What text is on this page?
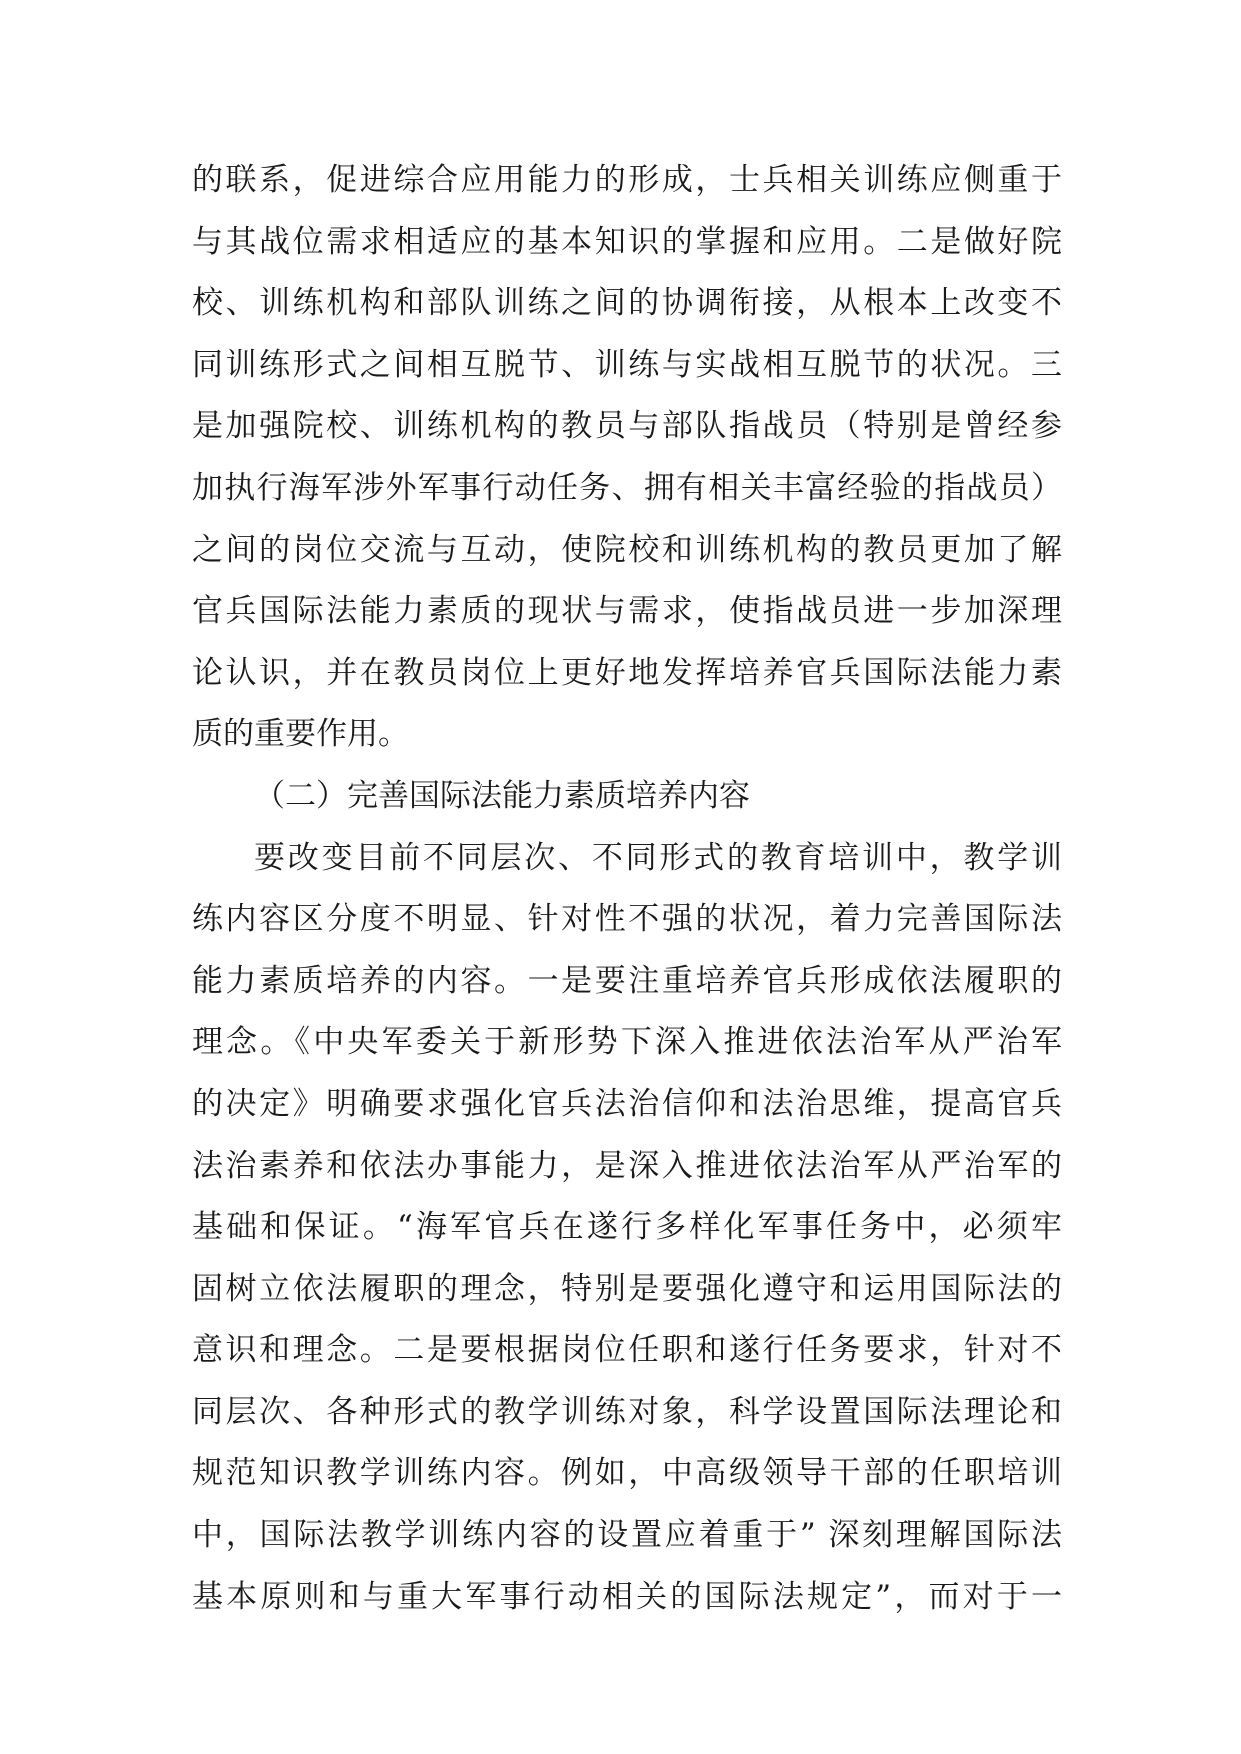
的联系，促进综合应用能力的形成，士兵相关训练应侧重于
与其战位需求相适应的基本知识的掌握和应用。二是做好院
校、训练机构和部队训练之间的协调衔接，从根本上改变不
同训练形式之间相互脱节、训练与实战相互脱节的状况。三
是加强院校、训练机构的教员与部队指战员（特别是曾经参
加执行海军涉外军事行动任务、拥有相关丰富经验的指战员）
之间的岗位交流与互动，使院校和训练机构的教员更加了解
官兵国际法能力素质的现状与需求，使指战员进一步加深理
论认识，并在教员岗位上更好地发挥培养官兵国际法能力素
质的重要作用。
（二）完善国际法能力素质培养内容
要改变目前不同层次、不同形式的教育培训中，教学训
练内容区分度不明显、针对性不强的状况，着力完善国际法
能力素质培养的内容。一是要注重培养官兵形成依法履职的
理念。《中央军委关于新形势下深入推进依法治军从严治军
的决定》明确要求强化官兵法治信仰和法治思维，提高官兵
法治素养和依法办事能力，是深入推进依法治军从严治军的
基础和保证。“海军官兵在遂行多样化军事任务中，必须牢
固树立依法履职的理念，特别是要强化遵守和运用国际法的
意识和理念。二是要根据岗位任职和遂行任务要求，针对不
同层次、各种形式的教学训练对象，科学设置国际法理论和
规范知识教学训练内容。例如，中高级领导干部的任职培训
中，国际法教学训练内容的设置应着重于” 深刻理解国际法
基本原则和与重大军事行动相关的国际法规定”，而对于一
